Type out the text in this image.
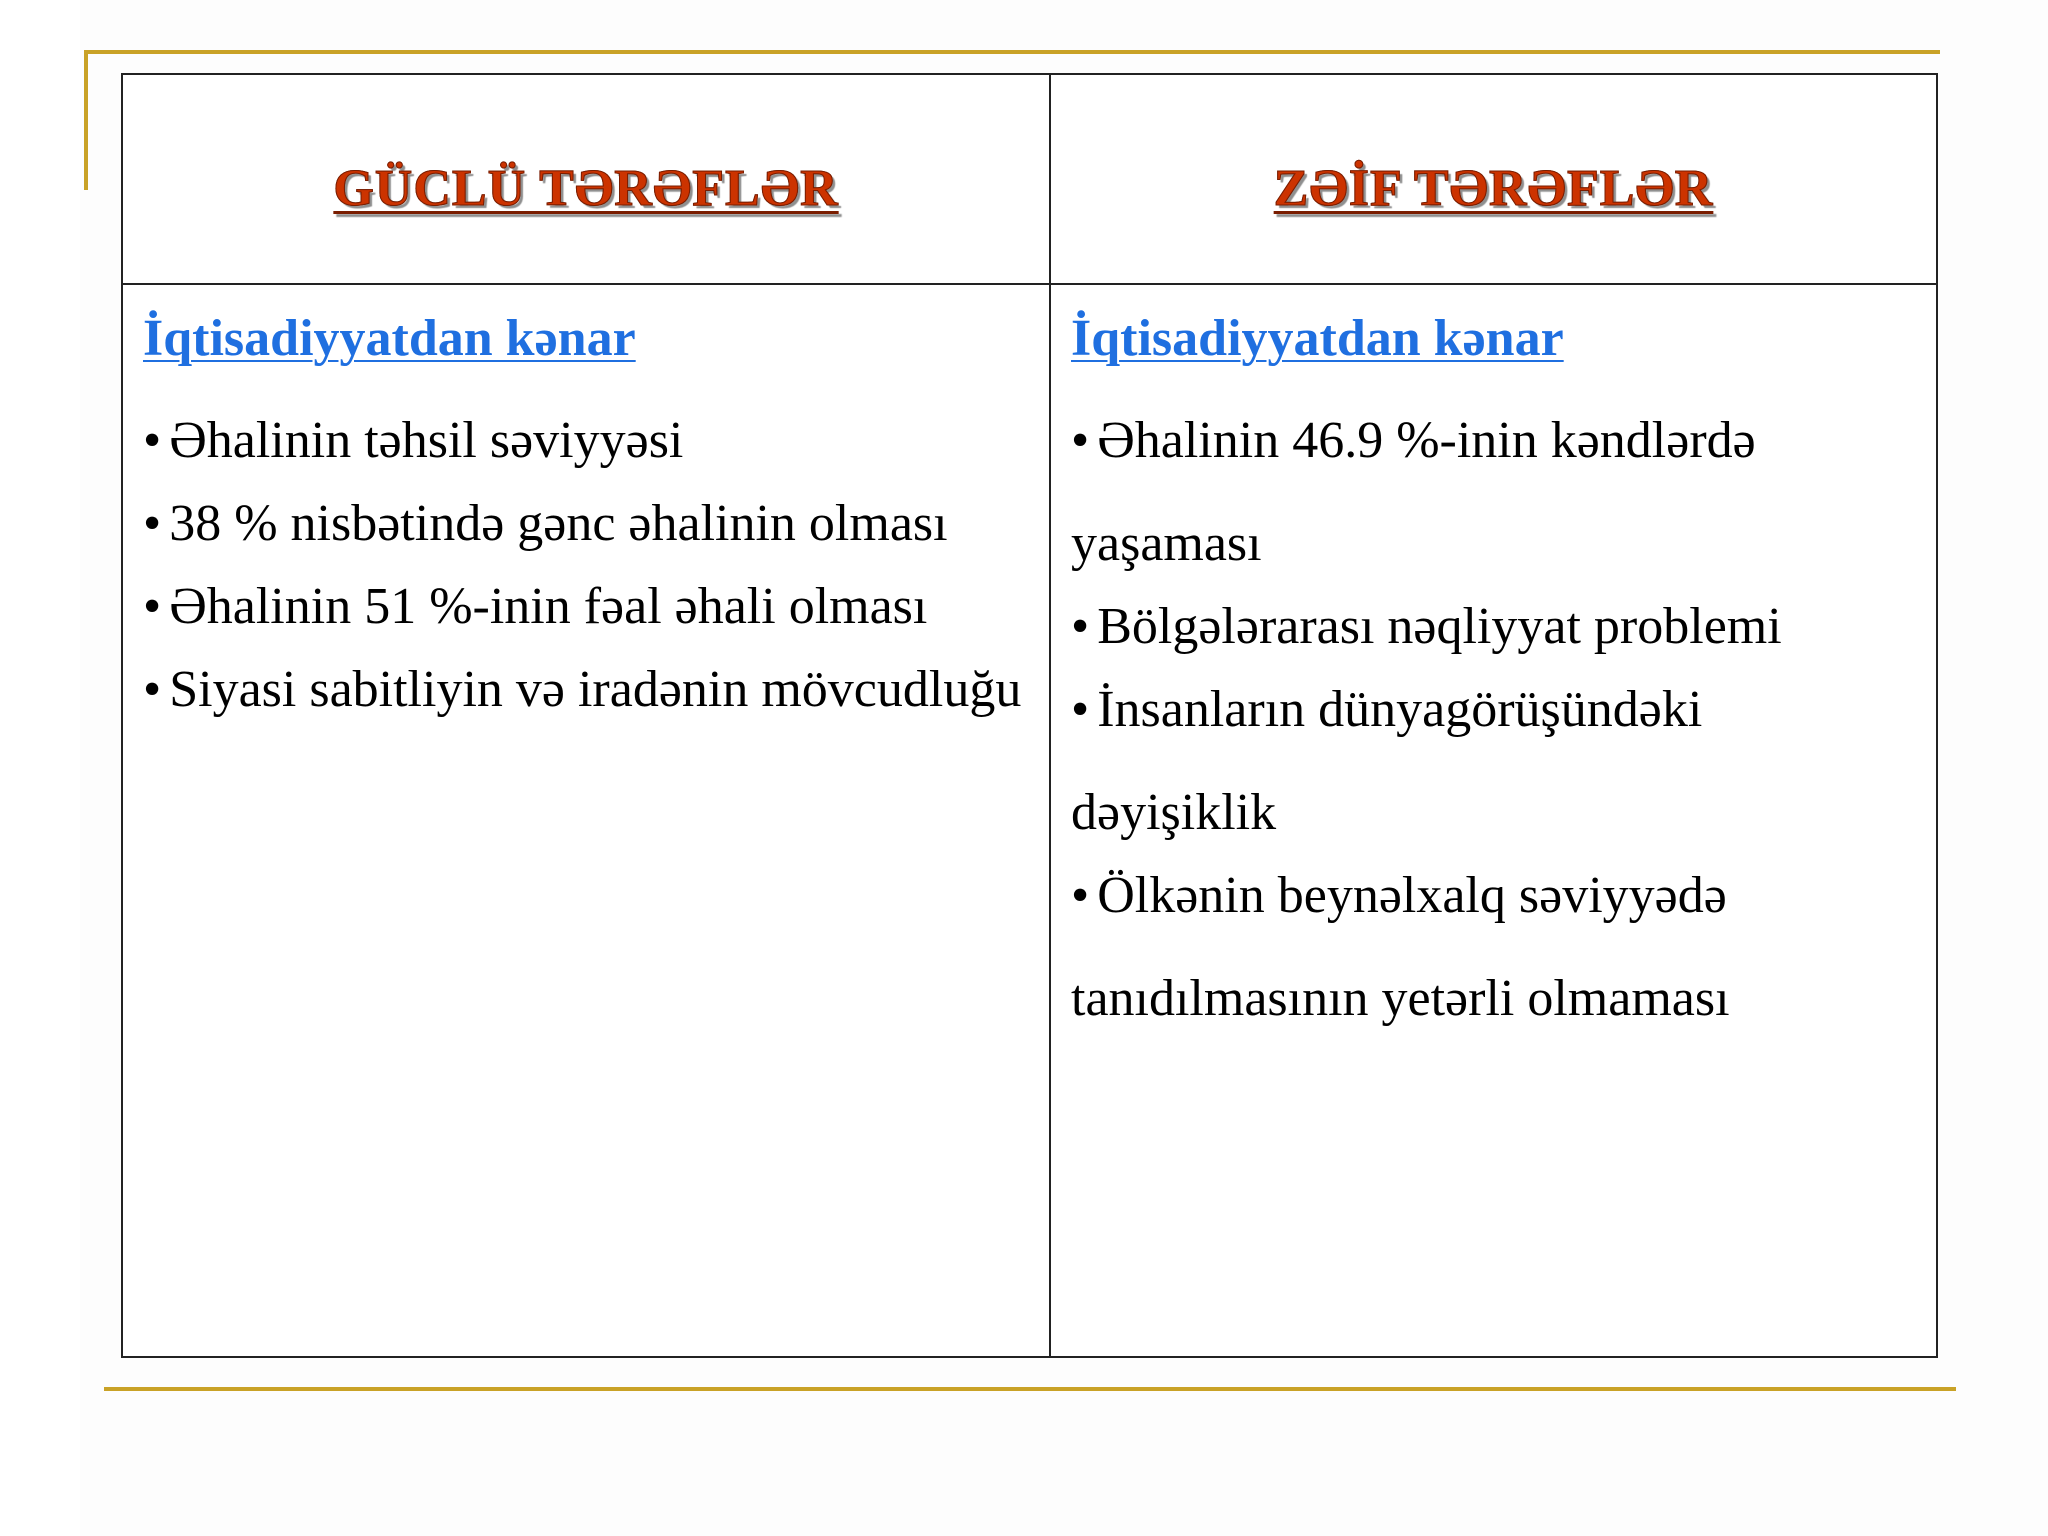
GÜCLÜ TƏRƏFLƏR	ZƏİF TƏRƏFLƏR
İqtisadiyyatdan kənar
• Əhalinin təhsil səviyyəsi
• 38 % nisbətində gənc əhalinin olması
• Əhalinin 51 %-inin fəal əhali olması
• Siyasi sabitliyin və iradənin mövcudluğu
İqtisadiyyatdan kənar
• Əhalinin 46.9 %-inin kəndlərdə yaşaması
• Bölgələrarası nəqliyyat problemi
• İnsanların dünyagörüşündəki dəyişiklik
• Ölkənin beynəlxalq səviyyədə tanıdılmasının yetərli olmaması
